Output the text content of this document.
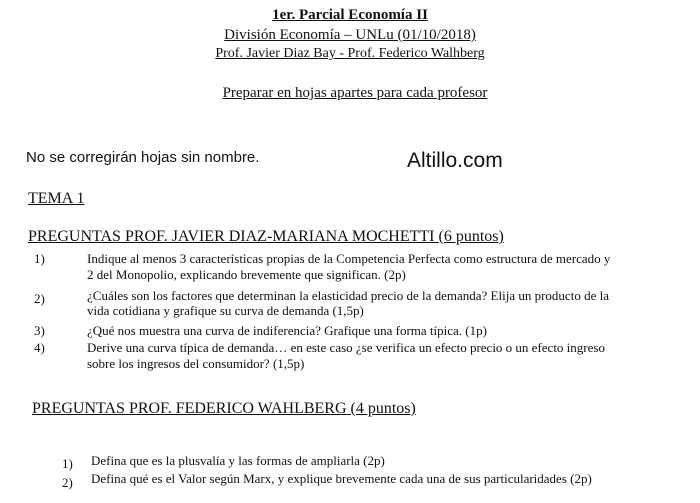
1er. Parcial Economía II
División Economía – UNLu (01/10/2018)
Prof. Javier Diaz Bay - Prof. Federico Walhberg
Preparar en hojas apartes para cada profesor
No se corregirán hojas sin nombre.	Altillo.com
TEMA 1
PREGUNTAS PROF. JAVIER DIAZ-MARIANA MOCHETTI (6 puntos)
1)	Indique al menos 3 características propias de la Competencia Perfecta como estructura de mercado y
2 del Monopolio, explicando brevemente que significan. (2p)
2)	¿Cuáles son los factores que determinan la elasticidad precio de la demanda? Elija un producto de la
vida cotidiana y grafique su curva de demanda (1,5p)
3)	¿Qué nos muestra una curva de indiferencia? Grafique una forma típica. (1p)
4)	Derive una curva típica de demanda… en este caso ¿se verifica un efecto precio o un efecto ingreso
sobre los ingresos del consumidor? (1,5p)
PREGUNTAS PROF. FEDERICO WAHLBERG (4 puntos)
1) Defina que es la plusvalía y las formas de ampliarla (2p)
2) Defina qué es el Valor según Marx, y explique brevemente cada una de sus particularidades (2p)
